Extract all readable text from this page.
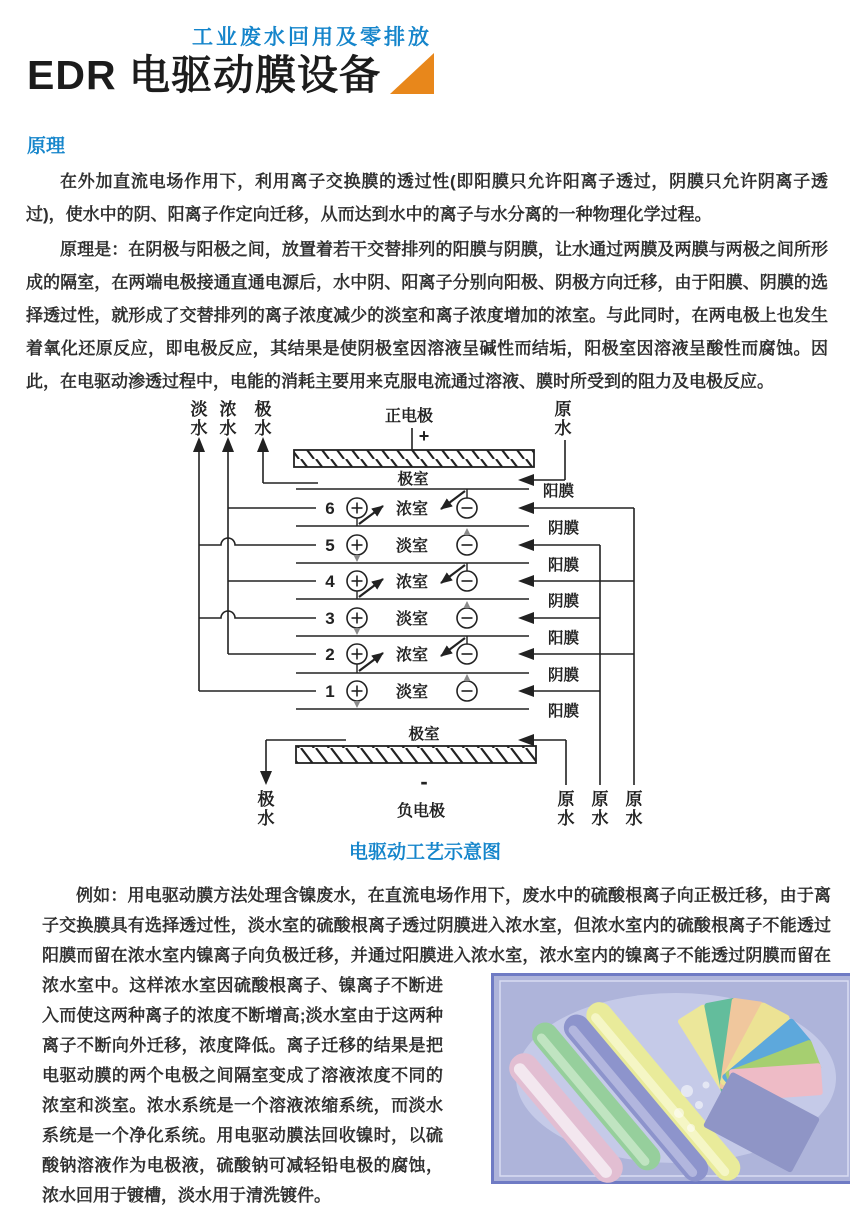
工业废水回用及零排放
EDR 电驱动膜设备
原理

在外加直流电场作用下，利用离子交换膜的透过性(即阳膜只允许阳离子透过，阴膜只允许阴离子透过)，使水中的阴、阳离子作定向迁移，从而达到水中的离子与水分离的一种物理化学过程。

原理是：在阴极与阳极之间，放置着若干交替排列的阳膜与阴膜，让水通过两膜及两膜与两极之间所形成的隔室，在两端电极接通直通电源后，水中阴、阳离子分别向阳极、阴极方向迁移，由于阳膜、阴膜的选择透过性，就形成了交替排列的离子浓度减少的淡室和离子浓度增加的浓室。与此同时，在两电极上也发生着氧化还原反应，即电极反应，其结果是使阴极室因溶液呈碱性而结垢，阳极室因溶液呈酸性而腐蚀。因此，在电驱动渗透过程中，电能的消耗主要用来克服电流通过溶液、膜时所受到的阻力及电极反应。

正电极
+
极室
阳膜
阴膜
阳膜
阴膜
阳膜
阴膜
阳膜
6	浓室
5	淡室
4	浓室
3	淡室
2	浓室
1	淡室
极室
-
负电极
淡水
浓水
极水
原水
极水
原水
原水
原水
电驱动工艺示意图

例如：用电驱动膜方法处理含镍废水，在直流电场作用下，废水中的硫酸根离子向正极迁移，由于离子交换膜具有选择透过性，淡水室的硫酸根离子透过阴膜进入浓水室，但浓水室内的硫酸根离子不能透过阳膜而留在浓水室内镍离子向负极迁移，并通过阳膜进入浓水室，浓水室内的镍离子不能透过阴膜而留在浓水室中。这样浓水室因硫
酸根离子、镍离子不断进入而使这两种离子的浓度不断增高;淡水室由于这两种离子不断向外迁移，浓度降低。离子迁移的结果是把电驱动膜的两个电极之间隔室变成了溶液浓度不同的浓室和淡室。浓水系统是一个溶液浓缩系统，而淡水系统是一个净化系统。用电驱动膜法回收镍时，以硫酸钠溶液作为电极液，硫酸钠可减轻铅电极的腐蚀，浓水回用于镀槽，淡水用于清洗镀件。
